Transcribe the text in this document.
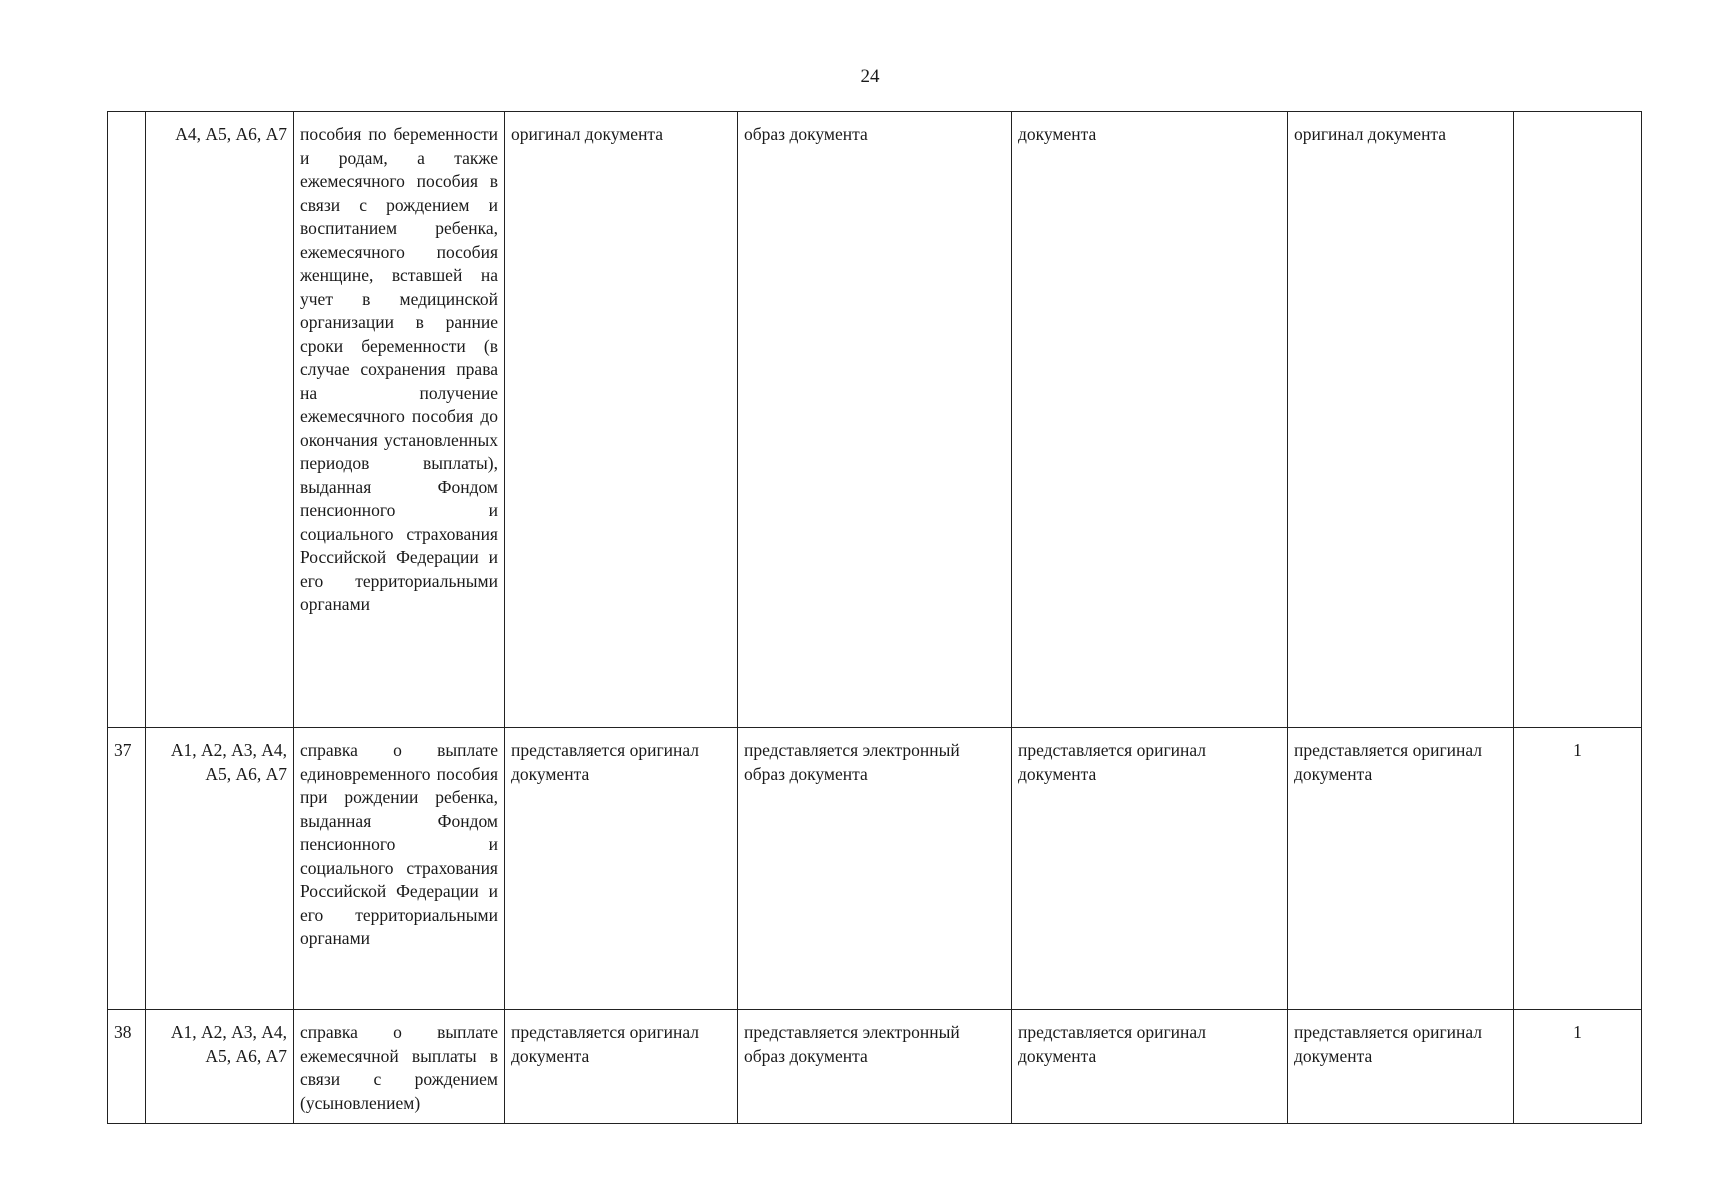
24
	А4, А5, А6, А7	пособия по беременности и родам, а также ежемесячного пособия в связи с рождением и воспитанием ребенка, ежемесячного пособия женщине, вставшей на учет в медицинской организации в ранние сроки беременности (в случае сохранения права на получение ежемесячного пособия до окончания установленных периодов выплаты), выданная Фондом пенсионного и социального страхования Российской Федерации и его территориальными органами	оригинал документа	образ документа	документа	оригинал документа	
37	А1, А2, А3, А4, А5, А6, А7	справка о выплате единовременного пособия при рождении ребенка, выданная Фондом пенсионного и социального страхования Российской Федерации и его территориальными органами	представляется оригинал документа	представляется электронный образ документа	представляется оригинал документа	представляется оригинал документа	1
38	А1, А2, А3, А4, А5, А6, А7	справка о выплате ежемесячной выплаты в связи с рождением (усыновлением)	представляется оригинал документа	представляется электронный образ документа	представляется оригинал документа	представляется оригинал документа	1
